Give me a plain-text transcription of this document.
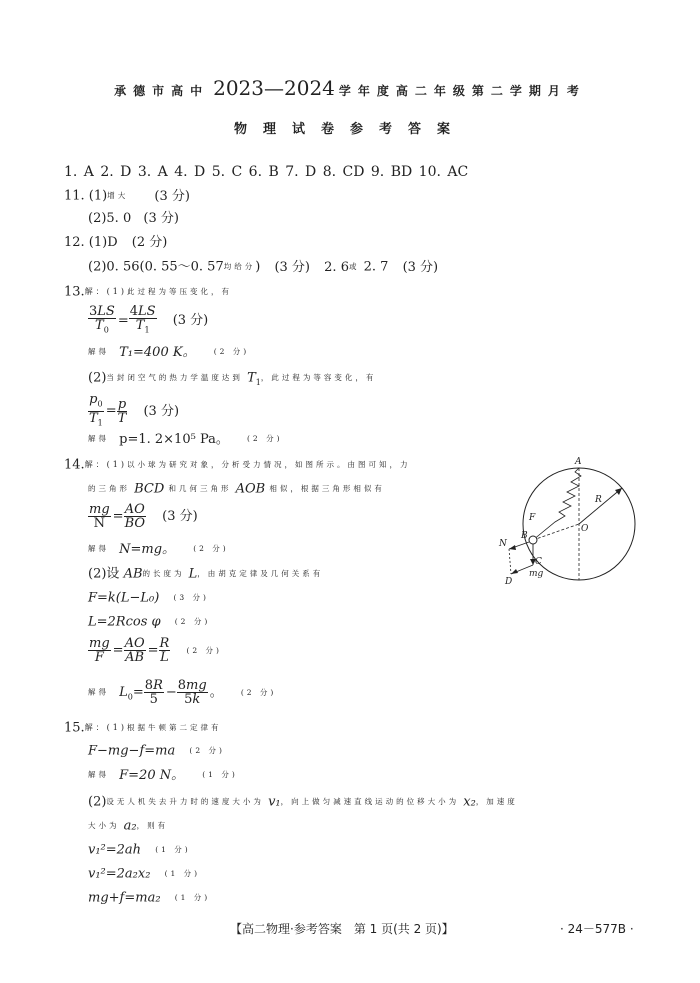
承德市高中 2023—2024 学年度高二年级第二学期月考
物理试卷参考答案
1. A 2. D 3. A 4. D 5. C 6. B 7. D 8. CD 9. BD 10. AC
11. (1)增大 (3 分)
(2)5. 0 (3 分)
12. (1)D (2 分)
(2)0. 56(0. 55～0. 57均给分) (3 分) 2. 6或 2. 7 (3 分)
13.解：(1)此过程为等压变化，有
$\frac{3LS}{T_0} = \frac{4LS}{T_1} (3$ 分)
解得 T₁=400 K。 (2 分)
(2)当封闭空气的热力学温度达到 $T_1$，此过程为等容变化，有
$\frac{p_0}{T_1} = \frac{p}{T} (3$ 分)
解得 p=1. 2×10⁵ Pa。 (2 分)
14.解：(1)以小球为研究对象，分析受力情况，如图所示。由图可知，力
的三角形 BCD 和几何三角形 AOB 相似，根据三角形相似有
$\frac{mg}{N} = \frac{AO}{BO} (3$ 分)
解得 N=mg。 (2 分)
(2)设 AB的长度为 L，由胡克定律及几何关系有
F=k(L−L₀) (3 分)
L=2Rcos φ (2 分)
$\frac{mg}{F} = \frac{AO}{AB} = \frac{R}{L} (2$ 分)
解得 $L_0= \frac{8R}{5} - \frac{8mg}{5k}$ 。 (2 分)
A
O
R
F
B
N
C
D
mg
15.解：(1)根据牛顿第二定律有
F−mg−f=ma (2 分)
解得 F=20 N。 (1 分)
(2)设无人机失去升力时的速度大小为 v₁，向上做匀减速直线运动的位移大小为 x₂，加速度
大小为 a₂，则有
v₁²=2ah (1 分)
v₁²=2a₂x₂ (1 分)
mg+f=ma₂ (1 分)
【高二物理·参考答案　第 1 页(共 2 页)】	· 24－577B ·
